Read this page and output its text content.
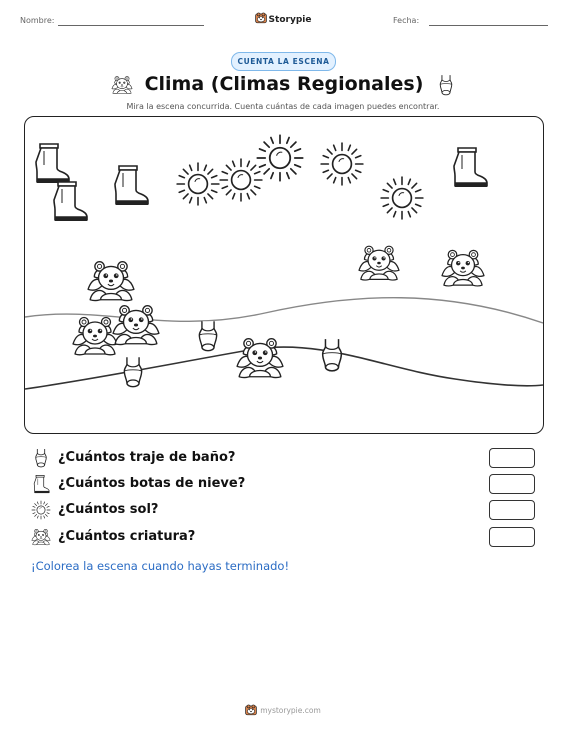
Nombre:	Fecha:
Storypie
CUENTA LA ESCENA
Clima (Climas Regionales)
Mira la escena concurrida. Cuenta cuántas de cada imagen puedes encontrar.
¿Cuántos traje de baño?
¿Cuántos botas de nieve?
¿Cuántos sol?
¿Cuántos criatura?
¡Colorea la escena cuando hayas terminado!
mystorypie.com
